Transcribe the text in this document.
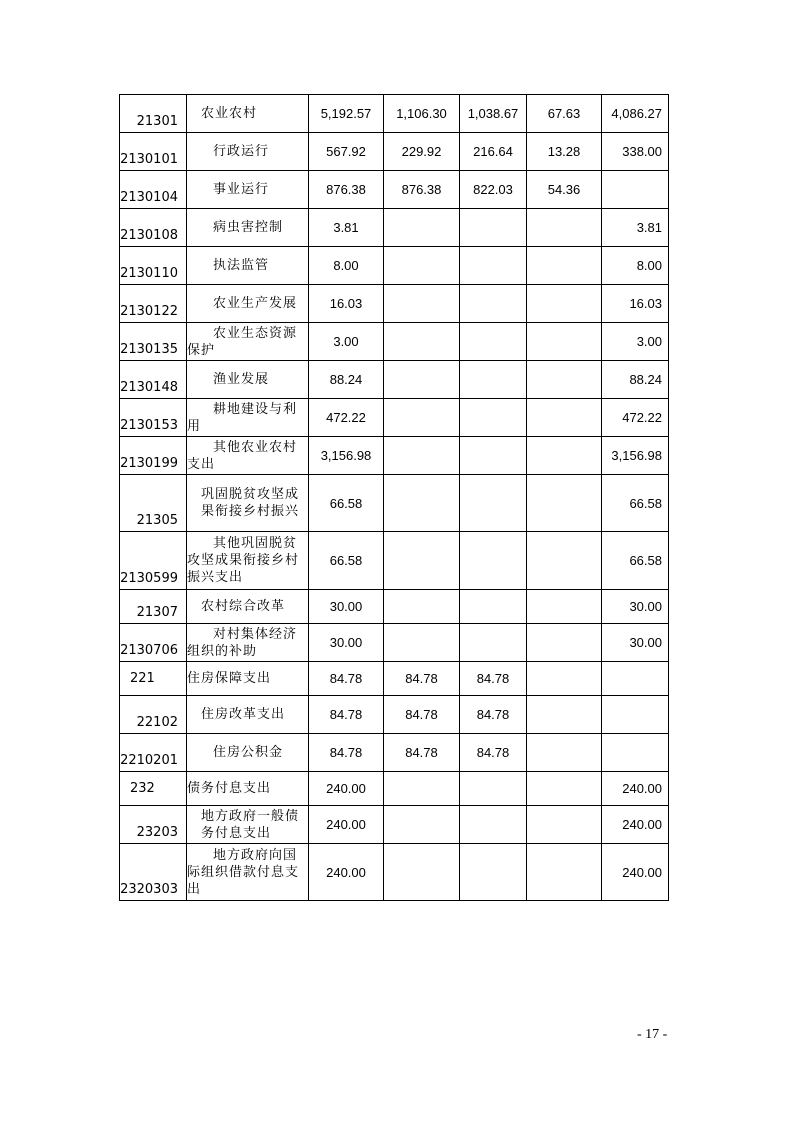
21301	农业农村	5,192.57	1,106.30	1,038.67	67.63	4,086.27

2130101	行政运行	567.92	229.92	216.64	13.28	338.00

2130104	事业运行	876.38	876.38	822.03	54.36	

2130108	病虫害控制	3.81				3.81

2130110	执法监管	8.00				8.00

2130122	农业生产发展	16.03				16.03

2130135	农业生态资源保护	3.00				3.00

2130148	渔业发展	88.24				88.24

2130153	耕地建设与利用	472.22				472.22

2130199	其他农业农村支出	3,156.98				3,156.98

21305	巩固脱贫攻坚成果衔接乡村振兴	66.58				66.58

2130599	其他巩固脱贫攻坚成果衔接乡村振兴支出	66.58				66.58

21307	农村综合改革	30.00				30.00

2130706	对村集体经济组织的补助	30.00				30.00

221	住房保障支出	84.78	84.78	84.78		

22102	住房改革支出	84.78	84.78	84.78		

2210201	住房公积金	84.78	84.78	84.78		

232	债务付息支出	240.00				240.00

23203	地方政府一般债务付息支出	240.00				240.00

2320303	地方政府向国际组织借款付息支出	240.00				240.00
- 17 -
